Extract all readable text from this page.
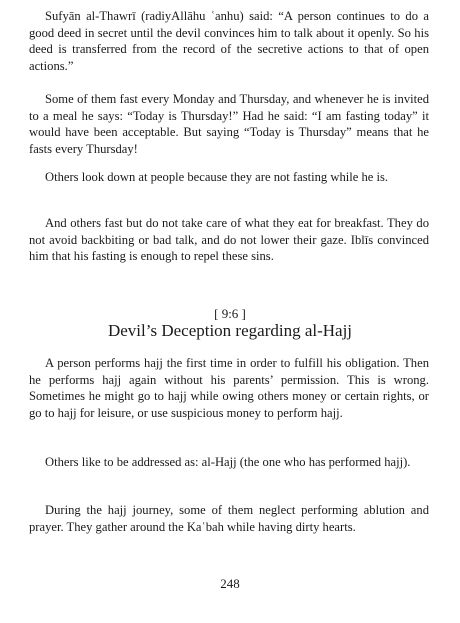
Sufyān al-Thawrī (radiyAllāhu ʿanhu) said: “A person continues to do a good deed in secret until the devil convinces him to talk about it openly. So his deed is transferred from the record of the secretive actions to that of open actions.”

Some of them fast every Monday and Thursday, and whenever he is invited to a meal he says: “Today is Thursday!” Had he said: “I am fasting today” it would have been acceptable. But saying “Today is Thursday” means that he fasts every Thursday!

Others look down at people because they are not fasting while he is.

And others fast but do not take care of what they eat for breakfast. They do not avoid backbiting or bad talk, and do not lower their gaze. Iblīs convinced him that his fasting is enough to repel these sins.

[ 9:6 ]

Devil’s Deception regarding al-Hajj

A person performs hajj the first time in order to fulfill his obligation. Then he performs hajj again without his parents’ permission. This is wrong. Sometimes he might go to hajj while owing others money or certain rights, or go to hajj for leisure, or use suspicious money to perform hajj.

Others like to be addressed as: al-Hajj (the one who has performed hajj).

During the hajj journey, some of them neglect performing ablution and prayer. They gather around the Kaʿbah while having dirty hearts.

248
